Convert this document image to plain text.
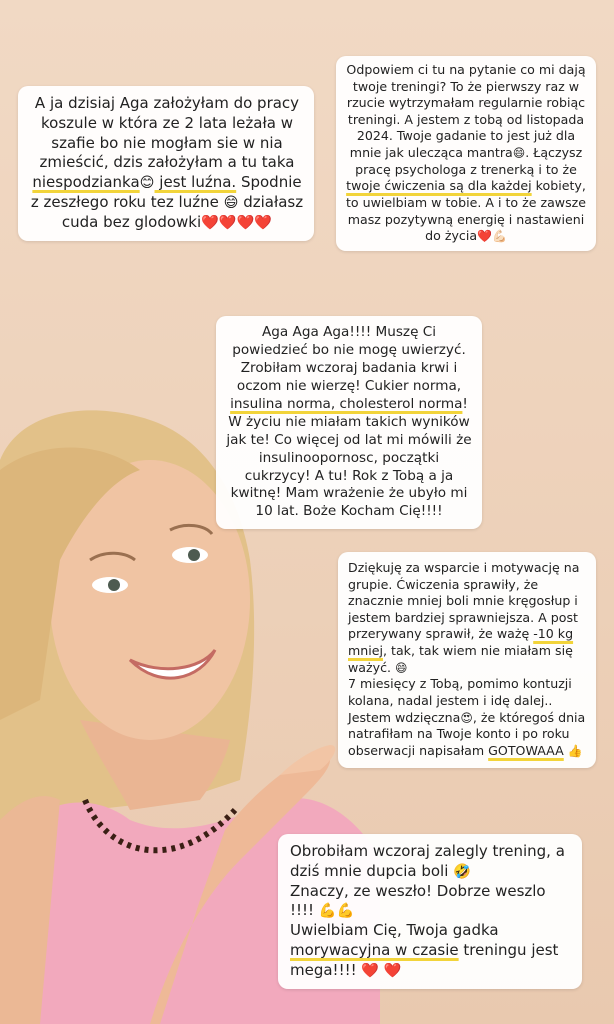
A ja dzisiaj Aga założyłam do pracy koszule w która ze 2 lata leżała w szafie bo nie mogłam sie w nia zmieścić, dzis założyłam a tu taka niespodzianka😊 jest luźna. Spodnie z zeszłego roku tez luźne 😄 działasz cuda bez glodowki❤️❤️❤️❤️

Odpowiem ci tu na pytanie co mi dają twoje treningi? To że pierwszy raz w rzucie wytrzymałam regularnie robiąc treningi. A jestem z tobą od listopada 2024. Twoje gadanie to jest już dla mnie jak ulecząca mantra😄. Łączysz pracę psychologa z trenerką i to że twoje ćwiczenia są dla każdej kobiety, to uwielbiam w tobie. A i to że zawsze masz pozytywną energię i nastawieni do życia❤️💪🏻

Aga Aga Aga!!!! Muszę Ci powiedzieć bo nie mogę uwierzyć. Zrobiłam wczoraj badania krwi i oczom nie wierzę! Cukier norma, insulina norma, cholesterol norma! W życiu nie miałam takich wyników jak te! Co więcej od lat mi mówili że insulinoopornosc, początki cukrzycy! A tu! Rok z Tobą a ja kwitnę! Mam wrażenie że ubyło mi 10 lat. Boże Kocham Cię!!!!

Dziękuję za wsparcie i motywację na grupie. Ćwiczenia sprawiły, że znacznie mniej boli mnie kręgosłup i jestem bardziej sprawniejsza. A post przerywany sprawił, że ważę -10 kg mniej, tak, tak wiem nie miałam się ważyć. 😄
7 miesięcy z Tobą, pomimo kontuzji kolana, nadal jestem i idę dalej.. Jestem wdzięczna😍, że któregoś dnia natrafiłam na Twoje konto i po roku obserwacji napisałam GOTOWAAA 👍

Obrobiłam wczoraj zalegly trening, a dziś mnie dupcia boli 🤣

Znaczy, ze weszło! Dobrze weszlo !!!! 💪💪

Uwielbiam Cię, Twoja gadka morywacyjna w czasie treningu jest mega!!!! ❤️ ❤️
